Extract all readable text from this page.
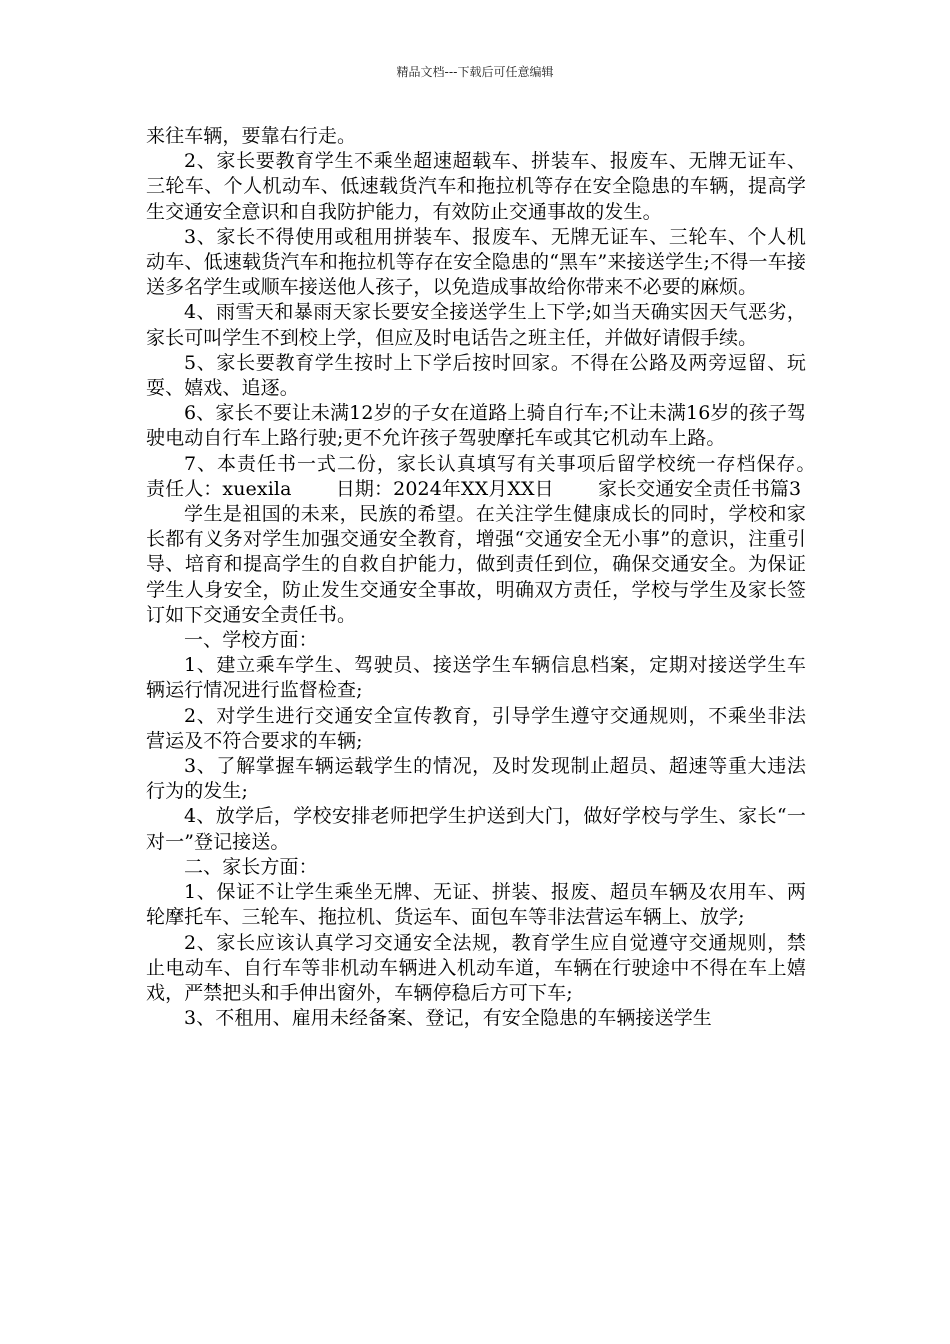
精品文档---下载后可任意编辑

来往车辆，要靠右行走。

2、家长要教育学生不乘坐超速超载车、拼装车、报废车、无牌无证车、三轮车、个人机动车、低速载货汽车和拖拉机等存在安全隐患的车辆，提高学生交通安全意识和自我防护能力，有效防止交通事故的发生。

3、家长不得使用或租用拼装车、报废车、无牌无证车、三轮车、个人机动车、低速载货汽车和拖拉机等存在安全隐患的“黑车”来接送学生;不得一车接送多名学生或顺车接送他人孩子，以免造成事故给你带来不必要的麻烦。

4、雨雪天和暴雨天家长要安全接送学生上下学;如当天确实因天气恶劣，家长可叫学生不到校上学，但应及时电话告之班主任，并做好请假手续。

5、家长要教育学生按时上下学后按时回家。不得在公路及两旁逗留、玩耍、嬉戏、追逐。

6、家长不要让未满12岁的子女在道路上骑自行车;不让未满16岁的孩子驾驶电动自行车上路行驶;更不允许孩子驾驶摩托车或其它机动车上路。

7、本责任书一式二份，家长认真填写有关事项后留学校统一存档保存。　　 责任人：xuexila　　 日期：2024年XX月XX日　　 家长交通安全责任书篇3

学生是祖国的未来，民族的希望。在关注学生健康成长的同时，学校和家长都有义务对学生加强交通安全教育，增强“交通安全无小事”的意识，注重引导、培育和提高学生的自救自护能力，做到责任到位，确保交通安全。为保证学生人身安全，防止发生交通安全事故，明确双方责任，学校与学生及家长签订如下交通安全责任书。

一、学校方面：

1、建立乘车学生、驾驶员、接送学生车辆信息档案，定期对接送学生车辆运行情况进行监督检查;

2、对学生进行交通安全宣传教育，引导学生遵守交通规则，不乘坐非法营运及不符合要求的车辆;

3、了解掌握车辆运载学生的情况，及时发现制止超员、超速等重大违法行为的发生;

4、放学后，学校安排老师把学生护送到大门，做好学校与学生、家长“一对一”登记接送。

二、家长方面：

1、保证不让学生乘坐无牌、无证、拼装、报废、超员车辆及农用车、两轮摩托车、三轮车、拖拉机、货运车、面包车等非法营运车辆上、放学;

2、家长应该认真学习交通安全法规，教育学生应自觉遵守交通规则，禁止电动车、自行车等非机动车辆进入机动车道，车辆在行驶途中不得在车上嬉戏，严禁把头和手伸出窗外，车辆停稳后方可下车;

3、不租用、雇用未经备案、登记，有安全隐患的车辆接送学生
